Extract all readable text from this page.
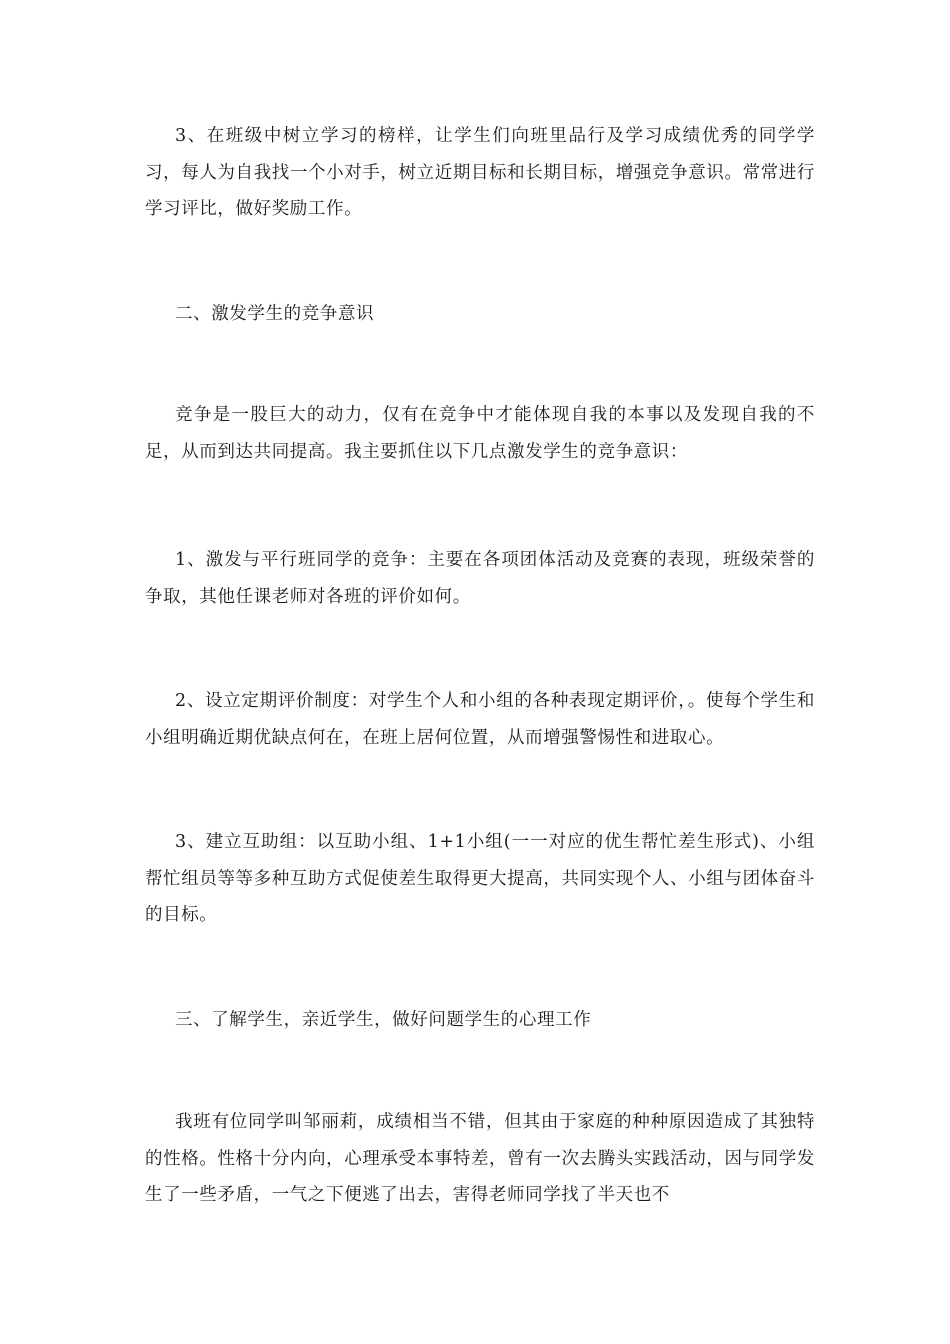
3、在班级中树立学习的榜样，让学生们向班里品行及学习成绩优秀的同学学习，每人为自我找一个小对手，树立近期目标和长期目标，增强竞争意识。常常进行学习评比，做好奖励工作。

二、激发学生的竞争意识

竞争是一股巨大的动力，仅有在竞争中才能体现自我的本事以及发现自我的不足，从而到达共同提高。我主要抓住以下几点激发学生的竞争意识：

1、激发与平行班同学的竞争：主要在各项团体活动及竞赛的表现，班级荣誉的争取，其他任课老师对各班的评价如何。

2、设立定期评价制度：对学生个人和小组的各种表现定期评价，。使每个学生和小组明确近期优缺点何在，在班上居何位置，从而增强警惕性和进取心。

3、建立互助组：以互助小组、1+1小组(一一对应的优生帮忙差生形式)、小组帮忙组员等等多种互助方式促使差生取得更大提高，共同实现个人、小组与团体奋斗的目标。

三、了解学生，亲近学生，做好问题学生的心理工作

我班有位同学叫邹丽莉，成绩相当不错，但其由于家庭的种种原因造成了其独特的性格。性格十分内向，心理承受本事特差，曾有一次去腾头实践活动，因与同学发生了一些矛盾，一气之下便逃了出去，害得老师同学找了半天也不
